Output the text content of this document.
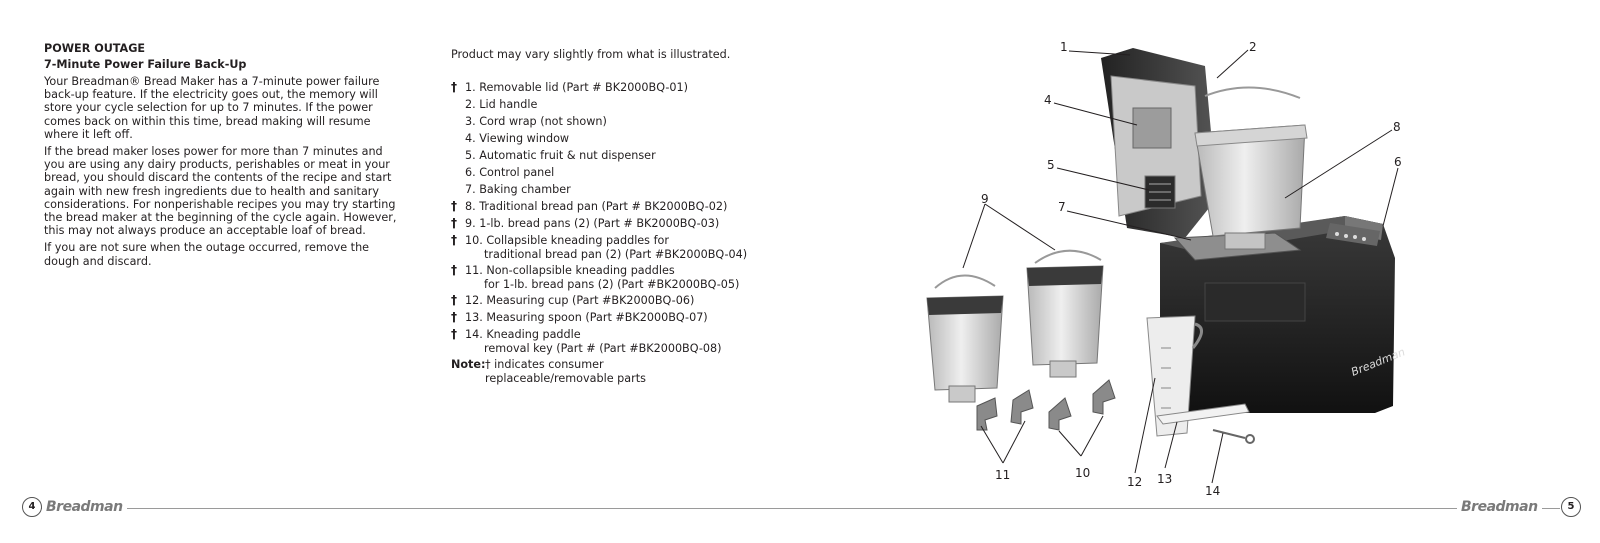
POWER OUTAGE
7-Minute Power Failure Back-Up

Your Breadman® Bread Maker has a 7-minute power failure back-up feature. If the electricity goes out, the memory will store your cycle selection for up to 7 minutes. If the power comes back on within this time, bread making will resume where it left off.

If the bread maker loses power for more than 7 minutes and you are using any dairy products, perishables or meat in your bread, you should discard the contents of the recipe and start again with new fresh ingredients due to health and sanitary considerations. For nonperishable recipes you may try starting the bread maker at the beginning of the cycle again. However, this may not always produce an acceptable loaf of bread.

If you are not sure when the outage occurred, remove the dough and discard.

Product may vary slightly from what is illustrated.
† 1. Removable lid (Part # BK2000BQ-01)
2. Lid handle
3. Cord wrap (not shown)
4. Viewing window
5. Automatic fruit & nut dispenser
6. Control panel
7. Baking chamber
† 8. Traditional bread pan (Part # BK2000BQ-02)
† 9. 1-lb. bread pans (2) (Part # BK2000BQ-03)
† 10. Collapsible kneading paddles for
traditional bread pan (2) (Part #BK2000BQ-04)
† 11. Non-collapsible kneading paddles
for 1-lb. bread pans (2) (Part #BK2000BQ-05)
† 12. Measuring cup (Part #BK2000BQ-06)
† 13. Measuring spoon (Part #BK2000BQ-07)
† 14. Kneading paddle
removal key (Part # (Part #BK2000BQ-08)
Note: † indicates consumer
replaceable/removable parts	Breadman
1	2
4
5	6
7
8
9
10
11	12 13
14
4 Breadman	Breadman	5
